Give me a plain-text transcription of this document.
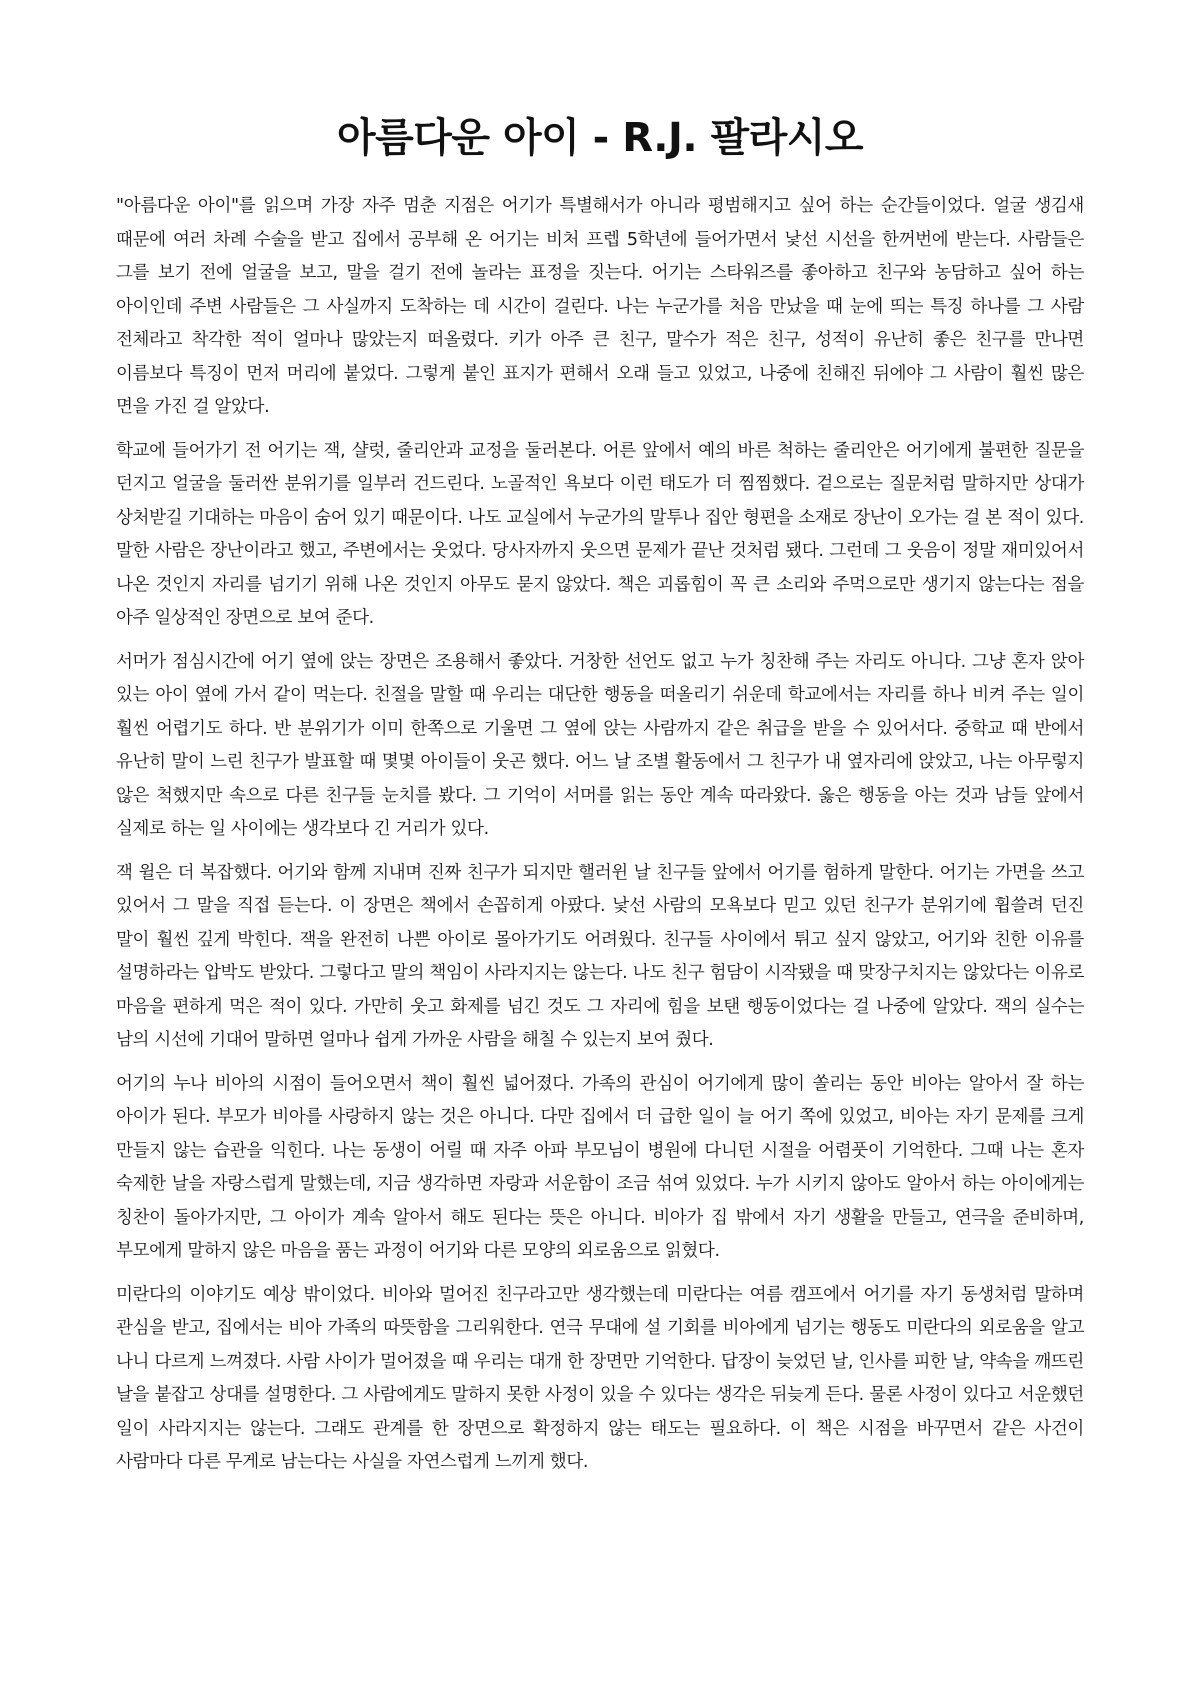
아름다운 아이 - R.J. 팔라시오

"아름다운 아이"를 읽으며 가장 자주 멈춘 지점은 어기가 특별해서가 아니라 평범해지고 싶어 하는 순간들이었다. 얼굴 생김새 때문에 여러 차례 수술을 받고 집에서 공부해 온 어기는 비처 프렙 5학년에 들어가면서 낯선 시선을 한꺼번에 받는다. 사람들은 그를 보기 전에 얼굴을 보고, 말을 걸기 전에 놀라는 표정을 짓는다. 어기는 스타워즈를 좋아하고 친구와 농담하고 싶어 하는 아이인데 주변 사람들은 그 사실까지 도착하는 데 시간이 걸린다. 나는 누군가를 처음 만났을 때 눈에 띄는 특징 하나를 그 사람 전체라고 착각한 적이 얼마나 많았는지 떠올렸다. 키가 아주 큰 친구, 말수가 적은 친구, 성적이 유난히 좋은 친구를 만나면 이름보다 특징이 먼저 머리에 붙었다. 그렇게 붙인 표지가 편해서 오래 들고 있었고, 나중에 친해진 뒤에야 그 사람이 훨씬 많은 면을 가진 걸 알았다.

학교에 들어가기 전 어기는 잭, 샬럿, 줄리안과 교정을 둘러본다. 어른 앞에서 예의 바른 척하는 줄리안은 어기에게 불편한 질문을 던지고 얼굴을 둘러싼 분위기를 일부러 건드린다. 노골적인 욕보다 이런 태도가 더 찜찜했다. 겉으로는 질문처럼 말하지만 상대가 상처받길 기대하는 마음이 숨어 있기 때문이다. 나도 교실에서 누군가의 말투나 집안 형편을 소재로 장난이 오가는 걸 본 적이 있다. 말한 사람은 장난이라고 했고, 주변에서는 웃었다. 당사자까지 웃으면 문제가 끝난 것처럼 됐다. 그런데 그 웃음이 정말 재미있어서 나온 것인지 자리를 넘기기 위해 나온 것인지 아무도 묻지 않았다. 책은 괴롭힘이 꼭 큰 소리와 주먹으로만 생기지 않는다는 점을 아주 일상적인 장면으로 보여 준다.

서머가 점심시간에 어기 옆에 앉는 장면은 조용해서 좋았다. 거창한 선언도 없고 누가 칭찬해 주는 자리도 아니다. 그냥 혼자 앉아 있는 아이 옆에 가서 같이 먹는다. 친절을 말할 때 우리는 대단한 행동을 떠올리기 쉬운데 학교에서는 자리를 하나 비켜 주는 일이 훨씬 어렵기도 하다. 반 분위기가 이미 한쪽으로 기울면 그 옆에 앉는 사람까지 같은 취급을 받을 수 있어서다. 중학교 때 반에서 유난히 말이 느린 친구가 발표할 때 몇몇 아이들이 웃곤 했다. 어느 날 조별 활동에서 그 친구가 내 옆자리에 앉았고, 나는 아무렇지 않은 척했지만 속으로 다른 친구들 눈치를 봤다. 그 기억이 서머를 읽는 동안 계속 따라왔다. 옳은 행동을 아는 것과 남들 앞에서 실제로 하는 일 사이에는 생각보다 긴 거리가 있다.

잭 윌은 더 복잡했다. 어기와 함께 지내며 진짜 친구가 되지만 핼러윈 날 친구들 앞에서 어기를 험하게 말한다. 어기는 가면을 쓰고 있어서 그 말을 직접 듣는다. 이 장면은 책에서 손꼽히게 아팠다. 낯선 사람의 모욕보다 믿고 있던 친구가 분위기에 휩쓸려 던진 말이 훨씬 깊게 박힌다. 잭을 완전히 나쁜 아이로 몰아가기도 어려웠다. 친구들 사이에서 튀고 싶지 않았고, 어기와 친한 이유를 설명하라는 압박도 받았다. 그렇다고 말의 책임이 사라지지는 않는다. 나도 친구 험담이 시작됐을 때 맞장구치지는 않았다는 이유로 마음을 편하게 먹은 적이 있다. 가만히 웃고 화제를 넘긴 것도 그 자리에 힘을 보탠 행동이었다는 걸 나중에 알았다. 잭의 실수는 남의 시선에 기대어 말하면 얼마나 쉽게 가까운 사람을 해칠 수 있는지 보여 줬다.

어기의 누나 비아의 시점이 들어오면서 책이 훨씬 넓어졌다. 가족의 관심이 어기에게 많이 쏠리는 동안 비아는 알아서 잘 하는 아이가 된다. 부모가 비아를 사랑하지 않는 것은 아니다. 다만 집에서 더 급한 일이 늘 어기 쪽에 있었고, 비아는 자기 문제를 크게 만들지 않는 습관을 익힌다. 나는 동생이 어릴 때 자주 아파 부모님이 병원에 다니던 시절을 어렴풋이 기억한다. 그때 나는 혼자 숙제한 날을 자랑스럽게 말했는데, 지금 생각하면 자랑과 서운함이 조금 섞여 있었다. 누가 시키지 않아도 알아서 하는 아이에게는 칭찬이 돌아가지만, 그 아이가 계속 알아서 해도 된다는 뜻은 아니다. 비아가 집 밖에서 자기 생활을 만들고, 연극을 준비하며, 부모에게 말하지 않은 마음을 품는 과정이 어기와 다른 모양의 외로움으로 읽혔다.

미란다의 이야기도 예상 밖이었다. 비아와 멀어진 친구라고만 생각했는데 미란다는 여름 캠프에서 어기를 자기 동생처럼 말하며 관심을 받고, 집에서는 비아 가족의 따뜻함을 그리워한다. 연극 무대에 설 기회를 비아에게 넘기는 행동도 미란다의 외로움을 알고 나니 다르게 느껴졌다. 사람 사이가 멀어졌을 때 우리는 대개 한 장면만 기억한다. 답장이 늦었던 날, 인사를 피한 날, 약속을 깨뜨린 날을 붙잡고 상대를 설명한다. 그 사람에게도 말하지 못한 사정이 있을 수 있다는 생각은 뒤늦게 든다. 물론 사정이 있다고 서운했던 일이 사라지지는 않는다. 그래도 관계를 한 장면으로 확정하지 않는 태도는 필요하다. 이 책은 시점을 바꾸면서 같은 사건이 사람마다 다른 무게로 남는다는 사실을 자연스럽게 느끼게 했다.
